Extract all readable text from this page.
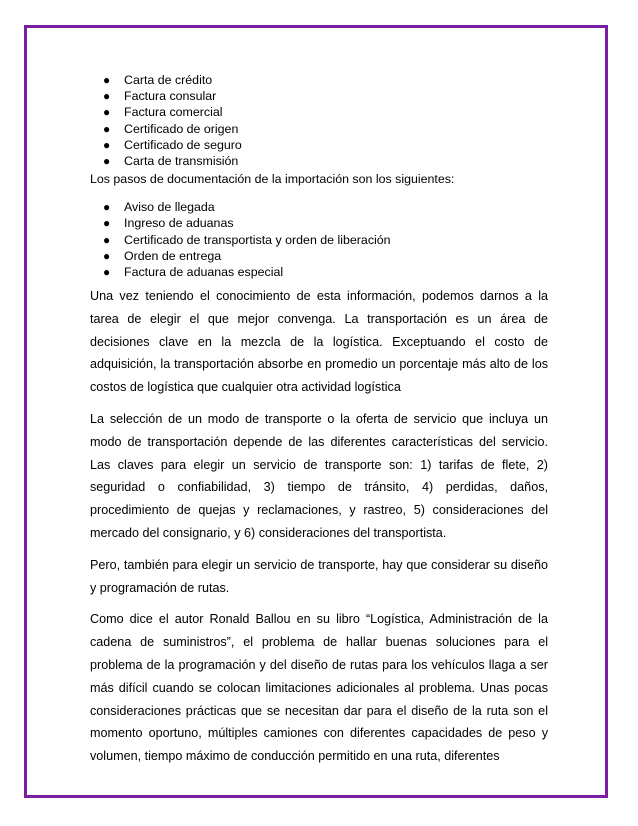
● Carta de crédito
● Factura consular
● Factura comercial
● Certificado de origen
● Certificado de seguro
● Carta de transmisión
Los pasos de documentación de la importación son los siguientes:
● Aviso de llegada
● Ingreso de aduanas
● Certificado de transportista y orden de liberación
● Orden de entrega
● Factura de aduanas especial

Una vez teniendo el conocimiento de esta información, podemos darnos a la tarea de elegir el que mejor convenga. La transportación es un área de decisiones clave en la mezcla de la logística. Exceptuando el costo de adquisición, la transportación absorbe en promedio un porcentaje más alto de los costos de logística que cualquier otra actividad logística

La selección de un modo de transporte o la oferta de servicio que incluya un modo de transportación depende de las diferentes características del servicio. Las claves para elegir un servicio de transporte son: 1) tarifas de flete, 2) seguridad o confiabilidad, 3) tiempo de tránsito, 4) perdidas, daños, procedimiento de quejas y reclamaciones, y rastreo, 5) consideraciones del mercado del consignario, y 6) consideraciones del transportista.

Pero, también para elegir un servicio de transporte, hay que considerar su diseño y programación de rutas.

Como dice el autor Ronald Ballou en su libro “Logística, Administración de la cadena de suministros”, el problema de hallar buenas soluciones para el problema de la programación y del diseño de rutas para los vehículos llaga a ser más difícil cuando se colocan limitaciones adicionales al problema. Unas pocas consideraciones prácticas que se necesitan dar para el diseño de la ruta son el momento oportuno, múltiples camiones con diferentes capacidades de peso y volumen, tiempo máximo de conducción permitido en una ruta, diferentes
